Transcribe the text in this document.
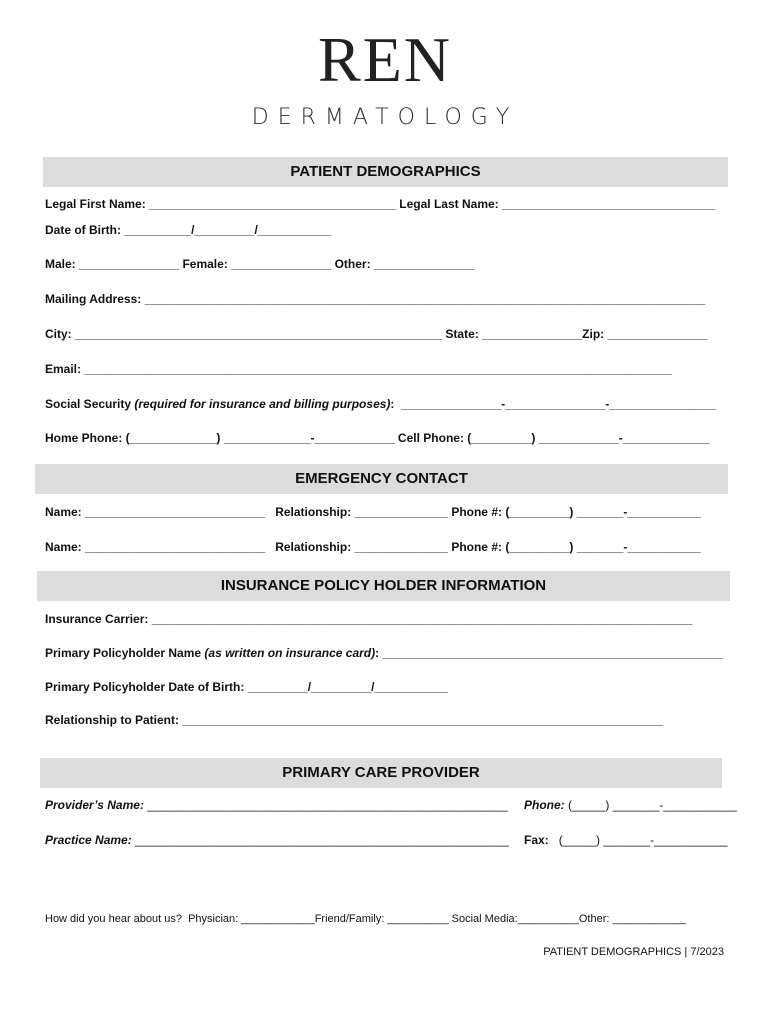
REN
DERMATOLOGY
PATIENT DEMOGRAPHICS
Legal First Name: _____________________________________ Legal Last Name: ________________________________
Date of Birth: __________/_________/___________
Male: _______________ Female: _______________ Other: _______________
Mailing Address: ____________________________________________________________________________________
City: _______________________________________________________ State: _______________Zip: _______________
Email: ________________________________________________________________________________________
Social Security (required for insurance and billing purposes):  _______________-_______________-________________
Home Phone: (_____________) _____________-____________ Cell Phone: (_________) ____________-_____________
EMERGENCY CONTACT
Name: ___________________________   Relationship: ______________ Phone #: (_________) _______-___________
Name: ___________________________   Relationship: ______________ Phone #: (_________) _______-___________
INSURANCE POLICY HOLDER INFORMATION
Insurance Carrier: _________________________________________________________________________________
Primary Policyholder Name (as written on insurance card): ___________________________________________________
Primary Policyholder Date of Birth: _________/_________/___________
Relationship to Patient: ________________________________________________________________________
PRIMARY CARE PROVIDER
Provider’s Name: ______________________________________________________ Phone: (_____) _______-___________
Practice Name: ________________________________________________________ Fax:   (_____) _______-___________
How did you hear about us?  Physician: ____________Friend/Family: __________ Social Media:__________Other: ____________
PATIENT DEMOGRAPHICS | 7/2023
